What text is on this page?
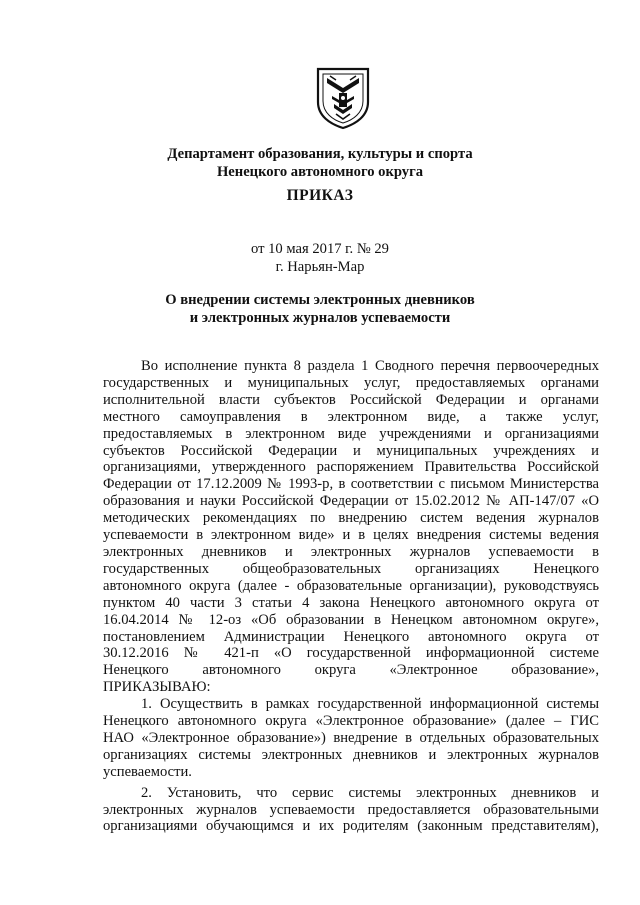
Департамент образования, культуры и спорта
Ненецкого автономного округа
ПРИКАЗ
от 10 мая 2017 г. № 29
г. Нарьян-Мар
О внедрении системы электронных дневников
и электронных журналов успеваемости

Во исполнение пункта 8 раздела 1 Сводного перечня первоочередных

государственных и муниципальных услуг, предоставляемых органами

исполнительной власти субъектов Российской Федерации и органами

местного самоуправления в электронном виде, а также услуг,

предоставляемых в электронном виде учреждениями и организациями

субъектов Российской Федерации и муниципальных учреждениях и

организациями, утвержденного распоряжением Правительства Российской

Федерации от 17.12.2009 № 1993-р, в соответствии с письмом Министерства

образования и науки Российской Федерации от 15.02.2012 № АП-147/07 «О

методических рекомендациях по внедрению систем ведения журналов

успеваемости в электронном виде» и в целях внедрения системы ведения

электронных дневников и электронных журналов успеваемости в

государственных общеобразовательных организациях Ненецкого

автономного округа (далее - образовательные организации), руководствуясь

пунктом 40 части 3 статьи 4 закона Ненецкого автономного округа от

16.04.2014 № 12-оз «Об образовании в Ненецком автономном округе»,

постановлением Администрации Ненецкого автономного округа от

30.12.2016 № 421-п «О государственной информационной системе

Ненецкого автономного округа «Электронное образование»,

ПРИКАЗЫВАЮ:

1. Осуществить в рамках государственной информационной системы

Ненецкого автономного округа «Электронное образование» (далее – ГИС

НАО «Электронное образование») внедрение в отдельных образовательных

организациях системы электронных дневников и электронных журналов

успеваемости.

2. Установить, что сервис системы электронных дневников и

электронных журналов успеваемости предоставляется образовательными

организациями обучающимся и их родителям (законным представителям),
